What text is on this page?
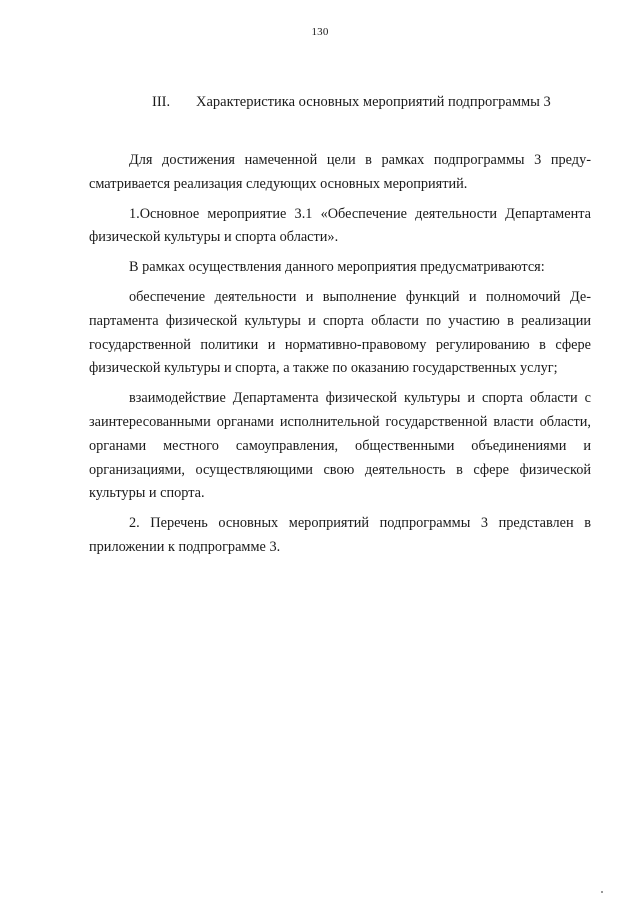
130
III. Характеристика основных мероприятий подпрограммы 3

Для достижения намеченной цели в рамках подпрограммы 3 предусматривается реализация следующих основных мероприятий.

1.Основное мероприятие 3.1 «Обеспечение деятельности Департамента физической культуры и спорта области».

В рамках осуществления данного мероприятия предусматриваются:

обеспечение деятельности и выполнение функций и полномочий Департамента физической культуры и спорта области по участию в реализации государственной политики и нормативно-правовому регулированию в сфере физической культуры и спорта, а также по оказанию государственных услуг;

взаимодействие Департамента физической культуры и спорта области с заинтересованными органами исполнительной государственной власти области, органами местного самоуправления, общественными объединениями и организациями, осуществляющими свою деятельность в сфере физической культуры и спорта.

2. Перечень основных мероприятий подпрограммы 3 представлен в приложении к подпрограмме 3.
